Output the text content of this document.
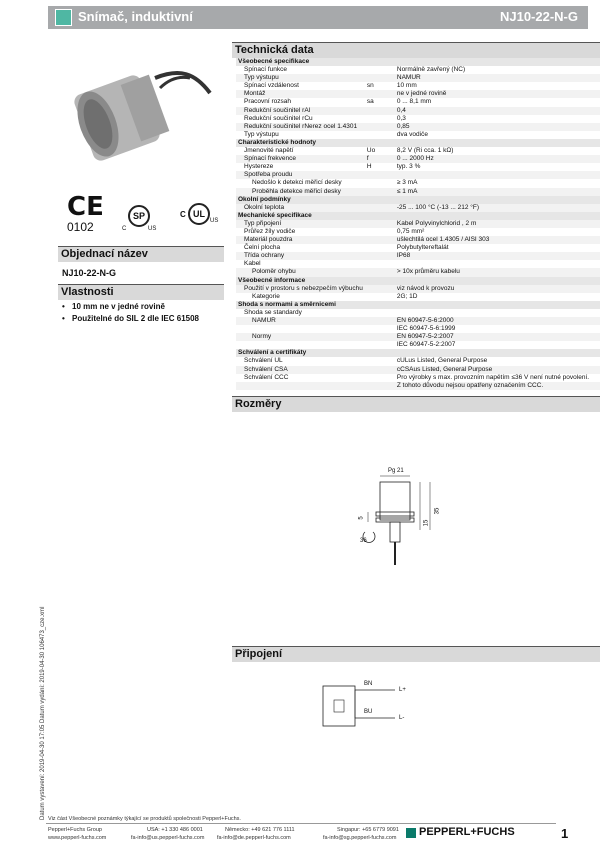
Snímač, induktivní	NJ10-22-N-G
CE
0102
SP
C	US
C UL
US
Objednací název
NJ10-22-N-G
Vlastnosti
• 10 mm ne v jedné rovině
• Použitelné do SIL 2 dle IEC 61508
Datum vystavení: 2019-04-30 17:05 Datum vydání: 2019-04-30 106473_cze.xml
Technická data
Všeobecné specifikace		
Spínací funkce		Normálně zavřený (NC)
Typ výstupu		NAMUR
Spínací vzdálenost	sn	10 mm
Montáž		ne v jedné rovině
Pracovní rozsah	sa	0 ... 8,1 mm
Redukční součinitel rAl		0,4
Redukční součinitel rCu		0,3
Redukční součinitel rNerez ocel 1.4301		0,85
Typ výstupu		dva vodiče
Charakteristické hodnoty		
Jmenovité napětí	Uo	8,2 V (Ri cca. 1 kΩ)
Spínací frekvence	f	0 ... 2000 Hz
Hystereze	H	typ. 3 %
Spotřeba proudu		
Nedošlo k detekci měřicí desky		≥ 3 mA
Proběhla detekce měřicí desky		≤ 1 mA
Okolní podmínky		
Okolní teplota		-25 ... 100 °C (-13 ... 212 °F)
Mechanické specifikace		
Typ připojení		Kabel Polyvinylchlorid , 2 m
Průřez žíly vodiče		0,75 mm²
Materiál pouzdra		ušlechtilá ocel 1.4305 / AISI 303
Čelní plocha		Polybutyltereftalát
Třída ochrany		IP68
Kabel		
Poloměr ohybu		> 10x průměru kabelu
Všeobecné informace		
Použití v prostoru s nebezpečím výbuchu		viz návod k provozu
Kategorie		2G; 1D
Shoda s normami a směrnicemi		
Shoda se standardy		
NAMUR		EN 60947-5-6:2000
		IEC 60947-5-6:1999
Normy		EN 60947-5-2:2007
		IEC 60947-5-2:2007
Schválení a certifikáty		
Schválení UL		cULus Listed, General Purpose
Schválení CSA		cCSAus Listed, General Purpose
Schválení CCC		Pro výrobky s max. provozním napětím ≤36 V není nutné povolení.
		Z tohoto důvodu nejsou opatřeny označením CCC.
Rozměry
Pg 21
35
15
5
36
Připojení
BN
BU
L+
L-
Viz část Všeobecné poznámky týkající se produktů společnosti Pepperl+Fuchs.
Pepperl+Fuchs Group
www.pepperl-fuchs.com
USA: +1 330 486 0001
fa-info@us.pepperl-fuchs.com
Německo: +49 621 776 1111
fa-info@de.pepperl-fuchs.com
Singapur: +65 6779 9091
fa-info@sg.pepperl-fuchs.com PEPPERL+FUCHS	1
